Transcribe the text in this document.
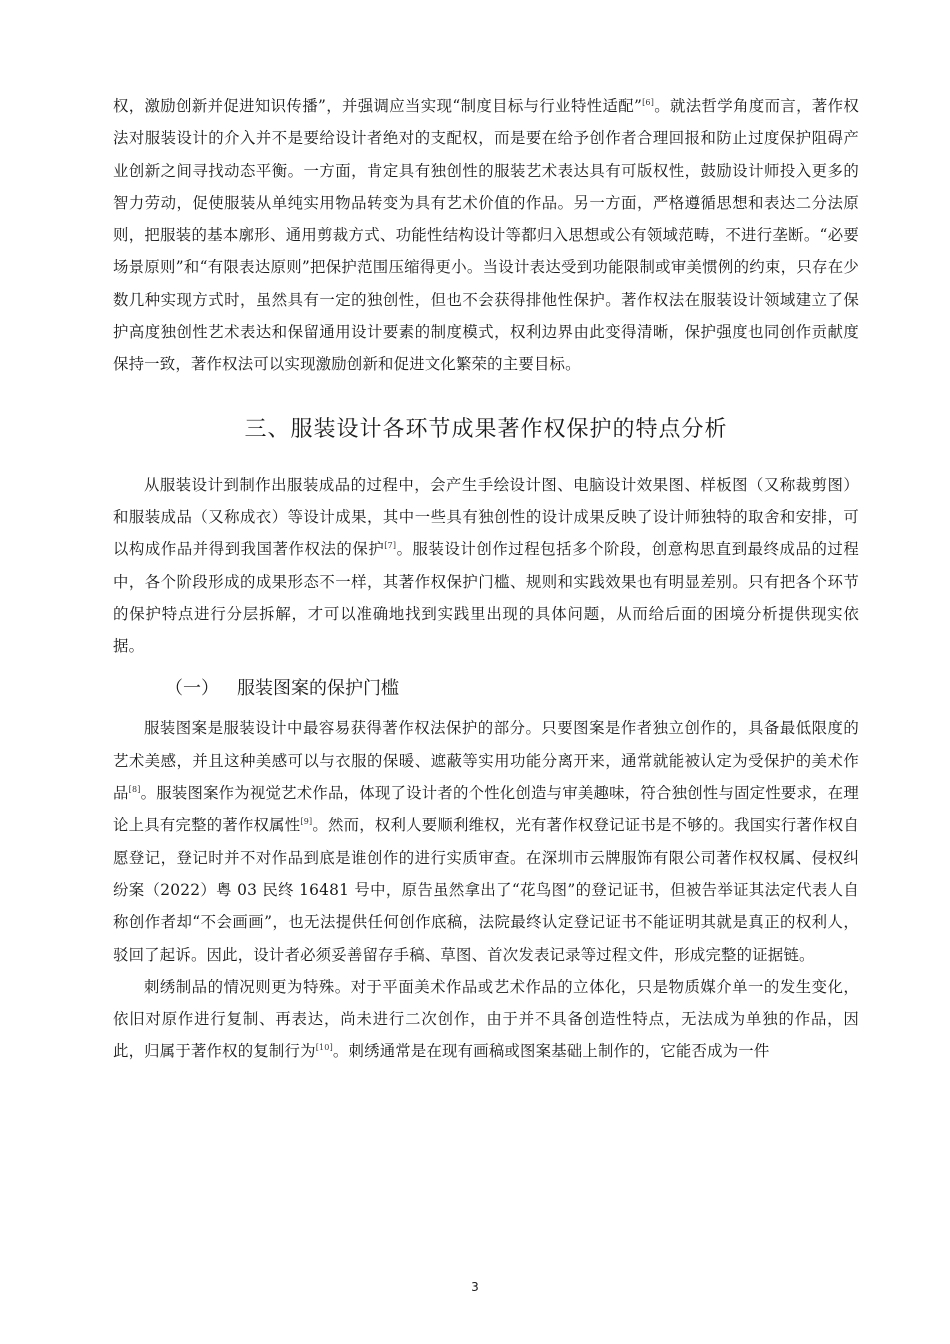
权，激励创新并促进知识传播”，并强调应当实现“制度目标与行业特性适配”[6]。就法哲学角度而言，著作权法对服装设计的介入并不是要给设计者绝对的支配权，而是要在给予创作者合理回报和防止过度保护阻碍产业创新之间寻找动态平衡。一方面，肯定具有独创性的服装艺术表达具有可版权性，鼓励设计师投入更多的智力劳动，促使服装从单纯实用物品转变为具有艺术价值的作品。另一方面，严格遵循思想和表达二分法原则，把服装的基本廓形、通用剪裁方式、功能性结构设计等都归入思想或公有领域范畴，不进行垄断。“必要场景原则”和“有限表达原则”把保护范围压缩得更小。当设计表达受到功能限制或审美惯例的约束，只存在少数几种实现方式时，虽然具有一定的独创性，但也不会获得排他性保护。著作权法在服装设计领域建立了保护高度独创性艺术表达和保留通用设计要素的制度模式，权利边界由此变得清晰，保护强度也同创作贡献度保持一致，著作权法可以实现激励创新和促进文化繁荣的主要目标。

三、服装设计各环节成果著作权保护的特点分析

从服装设计到制作出服装成品的过程中，会产生手绘设计图、电脑设计效果图、样板图（又称裁剪图）和服装成品（又称成衣）等设计成果，其中一些具有独创性的设计成果反映了设计师独特的取舍和安排，可以构成作品并得到我国著作权法的保护[7]。服装设计创作过程包括多个阶段，创意构思直到最终成品的过程中，各个阶段形成的成果形态不一样，其著作权保护门槛、规则和实践效果也有明显差别。只有把各个环节的保护特点进行分层拆解，才可以准确地找到实践里出现的具体问题，从而给后面的困境分析提供现实依据。

（一） 服装图案的保护门槛

服装图案是服装设计中最容易获得著作权法保护的部分。只要图案是作者独立创作的，具备最低限度的艺术美感，并且这种美感可以与衣服的保暖、遮蔽等实用功能分离开来，通常就能被认定为受保护的美术作品[8]。服装图案作为视觉艺术作品，体现了设计者的个性化创造与审美趣味，符合独创性与固定性要求，在理论上具有完整的著作权属性[9]。然而，权利人要顺利维权，光有著作权登记证书是不够的。我国实行著作权自愿登记，登记时并不对作品到底是谁创作的进行实质审查。在深圳市云牌服饰有限公司著作权权属、侵权纠纷案（2022）粤 03 民终 16481 号中，原告虽然拿出了“花鸟图”的登记证书，但被告举证其法定代表人自称创作者却“不会画画”，也无法提供任何创作底稿，法院最终认定登记证书不能证明其就是真正的权利人，驳回了起诉。因此，设计者必须妥善留存手稿、草图、首次发表记录等过程文件，形成完整的证据链。

刺绣制品的情况则更为特殊。对于平面美术作品或艺术作品的立体化，只是物质媒介单一的发生变化，依旧对原作进行复制、再表达，尚未进行二次创作，由于并不具备创造性特点，无法成为单独的作品，因此，归属于著作权的复制行为[10]。刺绣通常是在现有画稿或图案基础上制作的，它能否成为一件

3
